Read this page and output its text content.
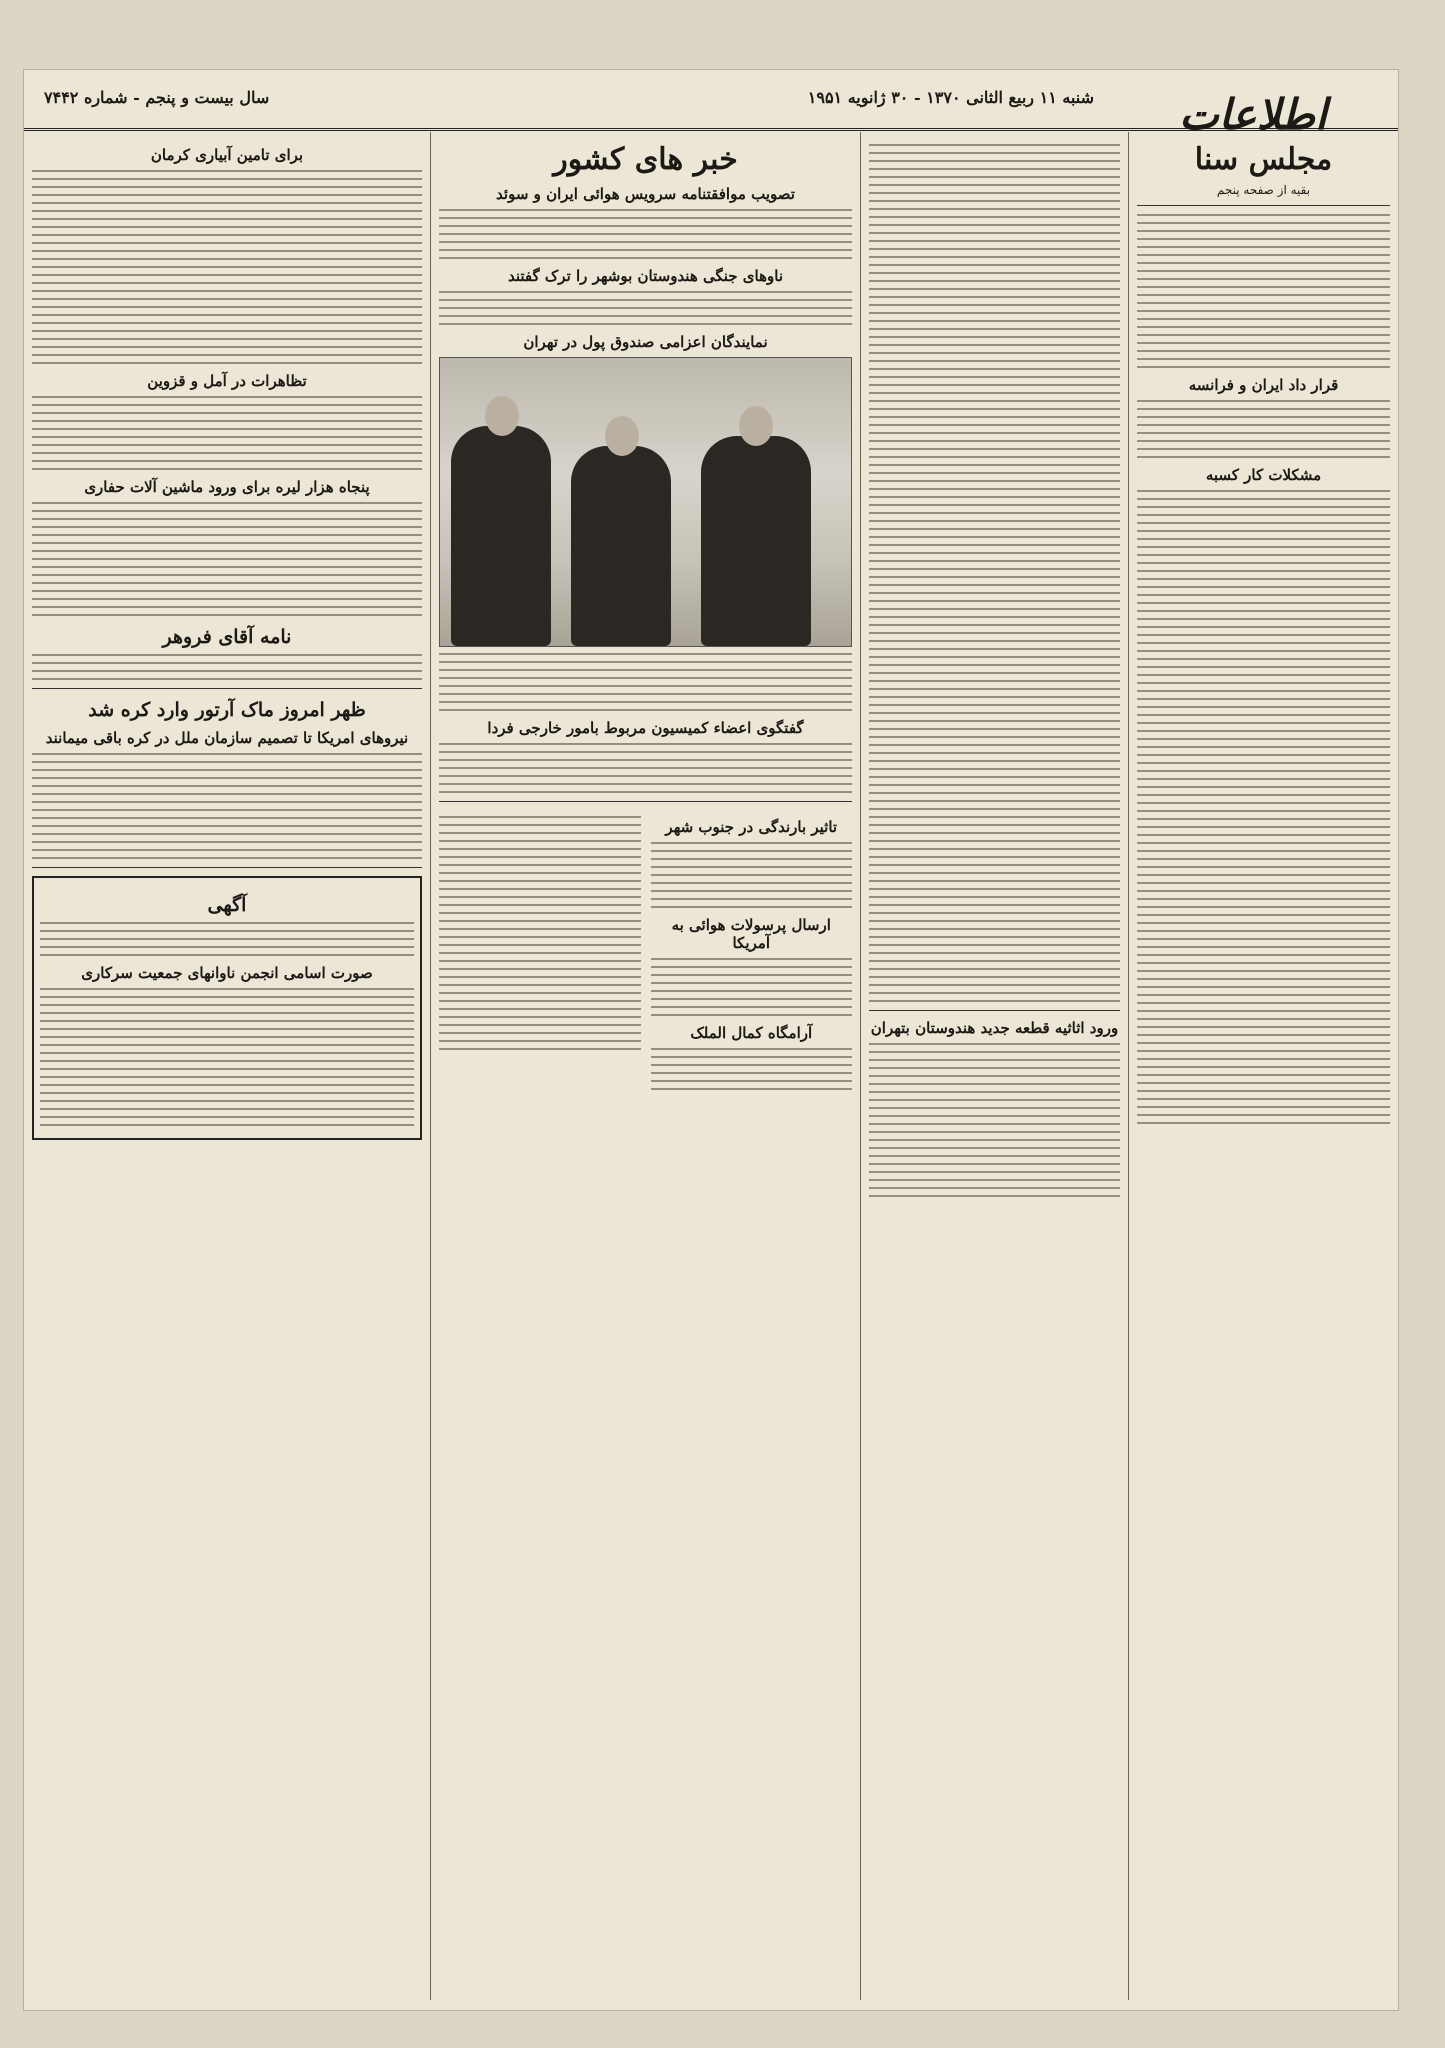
اطلاعات
شنبه ۱۱ ربیع الثانی ۱۳۷۰ - ۳۰ ژانویه ۱۹۵۱
سال بیست و پنجم - شماره ۷۴۴۲
مجلس سنا
بقیه از صفحه پنجم
قرار داد ایران و فرانسه
مشکلات کار کسبه
ورود اثاثیه قطعه جدید هندوستان بتهران
خبر های کشور
تصویب موافقتنامه سرویس هوائی ایران و سوئد
ناوهای جنگی هندوستان بوشهر را ترک گفتند
نمایندگان اعزامی صندوق پول در تهران
گفتگوی اعضاء کمیسیون مربوط بامور خارجی فردا
تاثیر بارندگی در جنوب شهر
ارسال پرسولات هوائی به آمریکا
آرامگاه کمال الملک
برای تامین آبیاری کرمان
تظاهرات در آمل و قزوین
پنجاه هزار لیره برای ورود ماشین آلات حفاری
نامه آقای فروهر
ظهر امروز ماک آرتور وارد کره شد
نیروهای امریکا تا تصمیم سازمان ملل در کره باقی میمانند
آگهی
صورت اسامی انجمن ناوانهای جمعیت سرکاری
